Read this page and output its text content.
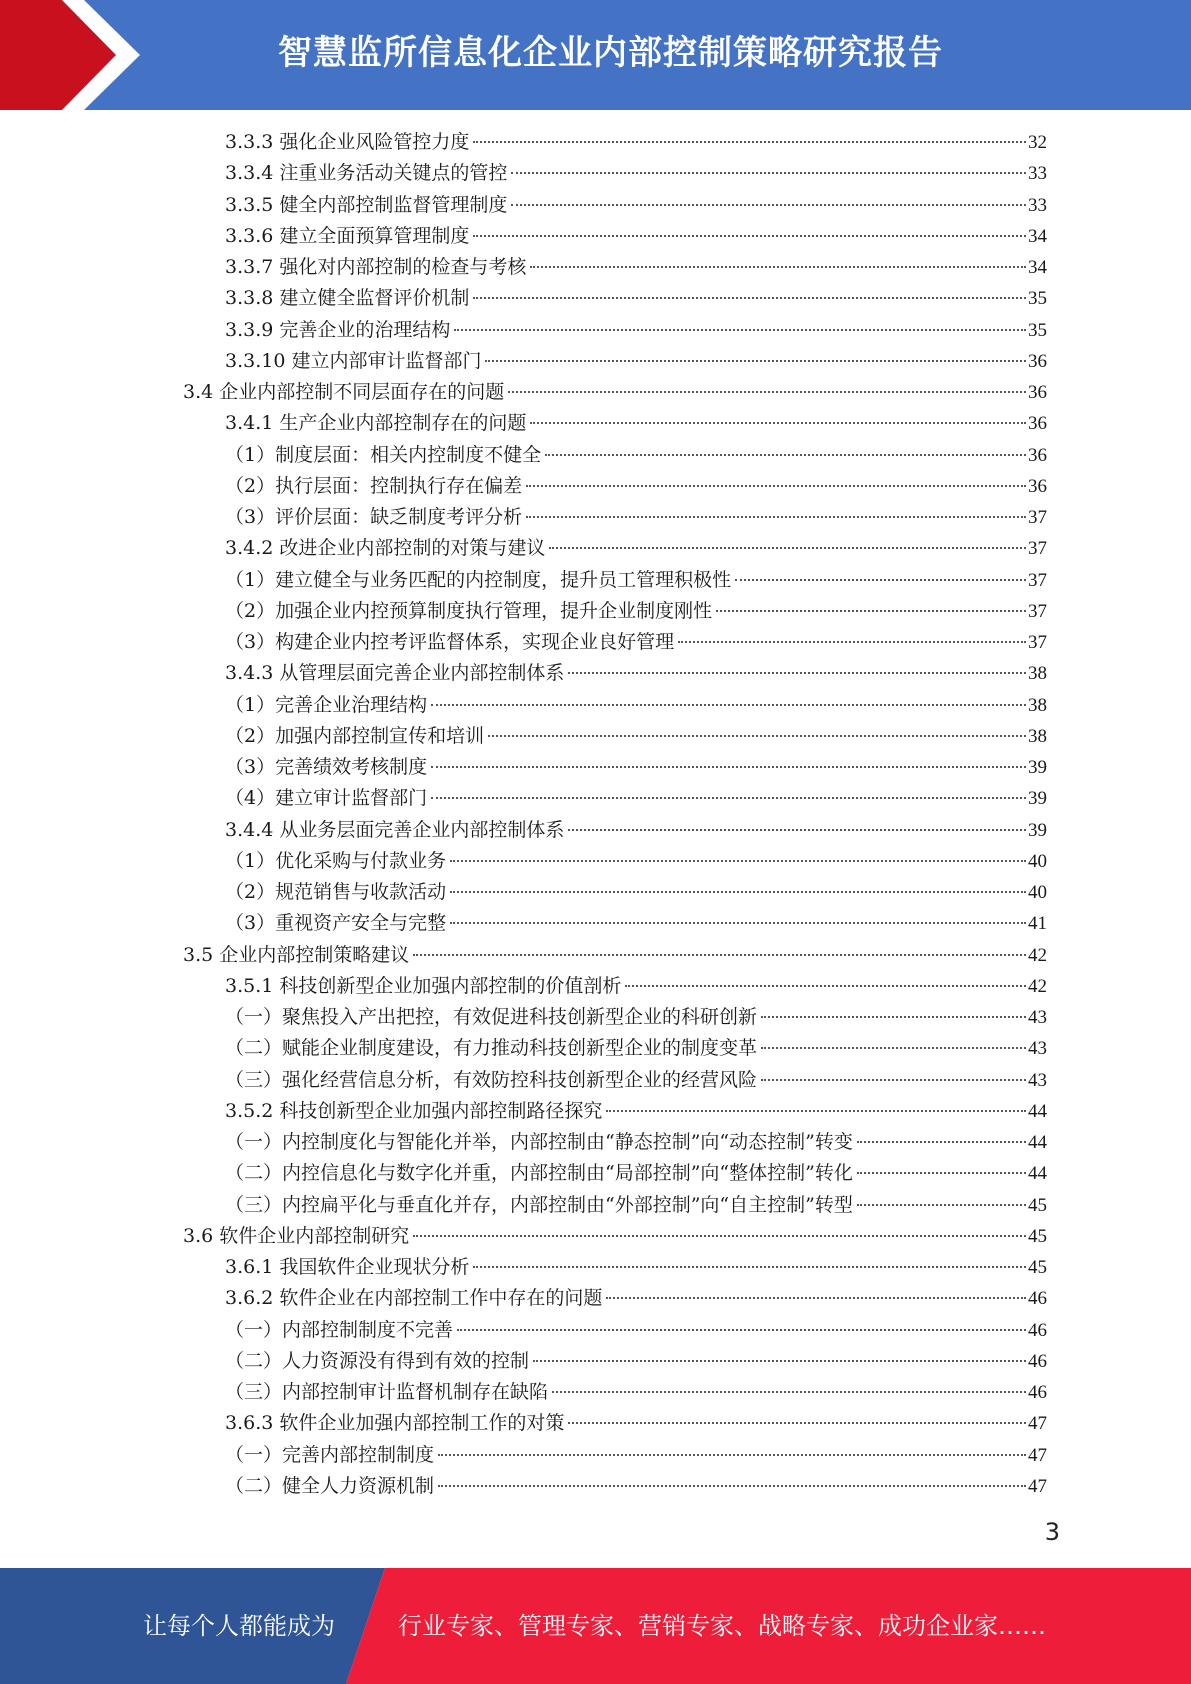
智慧监所信息化企业内部控制策略研究报告
3.3.3 强化企业风险管控力度	32
3.3.4 注重业务活动关键点的管控	33
3.3.5 健全内部控制监督管理制度	33
3.3.6 建立全面预算管理制度	34
3.3.7 强化对内部控制的检查与考核	34
3.3.8 建立健全监督评价机制	35
3.3.9 完善企业的治理结构	35
3.3.10 建立内部审计监督部门	36
3.4 企业内部控制不同层面存在的问题	36
3.4.1 生产企业内部控制存在的问题	36
（1）制度层面：相关内控制度不健全	36
（2）执行层面：控制执行存在偏差	36
（3）评价层面：缺乏制度考评分析	37
3.4.2 改进企业内部控制的对策与建议	37
（1）建立健全与业务匹配的内控制度，提升员工管理积极性	37
（2）加强企业内控预算制度执行管理，提升企业制度刚性	37
（3）构建企业内控考评监督体系，实现企业良好管理	37
3.4.3 从管理层面完善企业内部控制体系	38
（1）完善企业治理结构	38
（2）加强内部控制宣传和培训	38
（3）完善绩效考核制度	39
（4）建立审计监督部门	39
3.4.4 从业务层面完善企业内部控制体系	39
（1）优化采购与付款业务	40
（2）规范销售与收款活动	40
（3）重视资产安全与完整	41
3.5 企业内部控制策略建议	42
3.5.1 科技创新型企业加强内部控制的价值剖析	42
（一）聚焦投入产出把控，有效促进科技创新型企业的科研创新	43
（二）赋能企业制度建设，有力推动科技创新型企业的制度变革	43
（三）强化经营信息分析，有效防控科技创新型企业的经营风险	43
3.5.2 科技创新型企业加强内部控制路径探究	44
（一）内控制度化与智能化并举，内部控制由“静态控制”向“动态控制”转变	44
（二）内控信息化与数字化并重，内部控制由“局部控制”向“整体控制”转化	44
（三）内控扁平化与垂直化并存，内部控制由“外部控制”向“自主控制”转型	45
3.6 软件企业内部控制研究	45
3.6.1 我国软件企业现状分析	45
3.6.2 软件企业在内部控制工作中存在的问题	46
（一）内部控制制度不完善	46
（二）人力资源没有得到有效的控制	46
（三）内部控制审计监督机制存在缺陷	46
3.6.3 软件企业加强内部控制工作的对策	47
（一）完善内部控制制度	47
（二）健全人力资源机制	47
3
让每个人都能成为	行业专家、管理专家、营销专家、战略专家、成功企业家……
